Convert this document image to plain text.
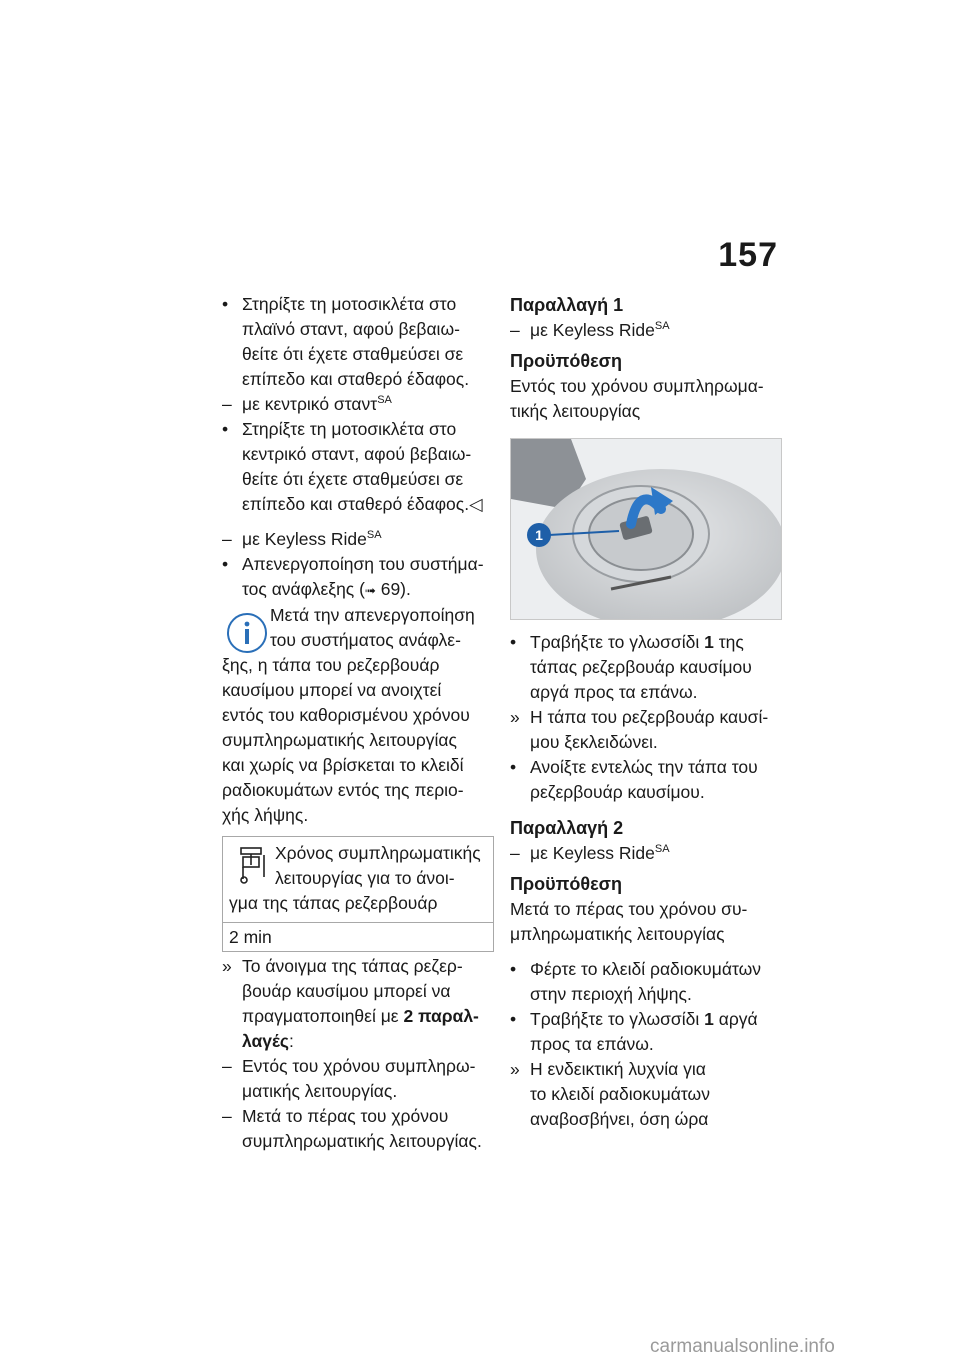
157
• Στηρίξτε τη μοτοσικλέτα στο
πλαϊνό σταντ, αφού βεβαιω-
θείτε ότι έχετε σταθμεύσει σε
επίπεδο και σταθερό έδαφος.
– με κεντρικό σταντ$^{SA}$
• Στηρίξτε τη μοτοσικλέτα στο
κεντρικό σταντ, αφού βεβαιω-
θείτε ότι έχετε σταθμεύσει σε
επίπεδο και σταθερό έδαφος.◁
– με Keyless Ride$^{SA}$
• Απενεργοποίηση του συστήμα-
τος ανάφλεξης (➟ 69).
Μετά την απενεργοποίηση
του συστήματος ανάφλε-
ξης, η τάπα του ρεζερβουάρ
καυσίμου μπορεί να ανοιχτεί
εντός του καθορισμένου χρόνου
συμπληρωματικής λειτουργίας
και χωρίς να βρίσκεται το κλειδί
ραδιοκυμάτων εντός της περιο-
χής λήψης.
Χρόνος συμπληρωματικής
λειτουργίας για το άνοι-
γμα της τάπας ρεζερβουάρ
2 min
» Το άνοιγμα της τάπας ρεζερ-
βουάρ καυσίμου μπορεί να
πραγματοποιηθεί με 2 παραλ-
λαγές:
– Εντός του χρόνου συμπληρω-
ματικής λειτουργίας.
– Μετά το πέρας του χρόνου
συμπληρωματικής λειτουργίας.
Παραλλαγή 1
– με Keyless Ride$^{SA}$
Προϋπόθεση
Εντός του χρόνου συμπληρωμα-
τικής λειτουργίας
1
• Τραβήξτε το γλωσσίδι 1 της
τάπας ρεζερβουάρ καυσίμου
αργά προς τα επάνω.
» Η τάπα του ρεζερβουάρ καυσί-
μου ξεκλειδώνει.
• Ανοίξτε εντελώς την τάπα του
ρεζερβουάρ καυσίμου.
Παραλλαγή 2
– με Keyless Ride$^{SA}$
Προϋπόθεση
Μετά το πέρας του χρόνου συ-
μπληρωματικής λειτουργίας
• Φέρτε το κλειδί ραδιοκυμάτων
στην περιοχή λήψης.
• Τραβήξτε το γλωσσίδι 1 αργά
προς τα επάνω.
» Η ενδεικτική λυχνία για
το κλειδί ραδιοκυμάτων
αναβοσβήνει, όση ώρα
carmanualsonline.info
